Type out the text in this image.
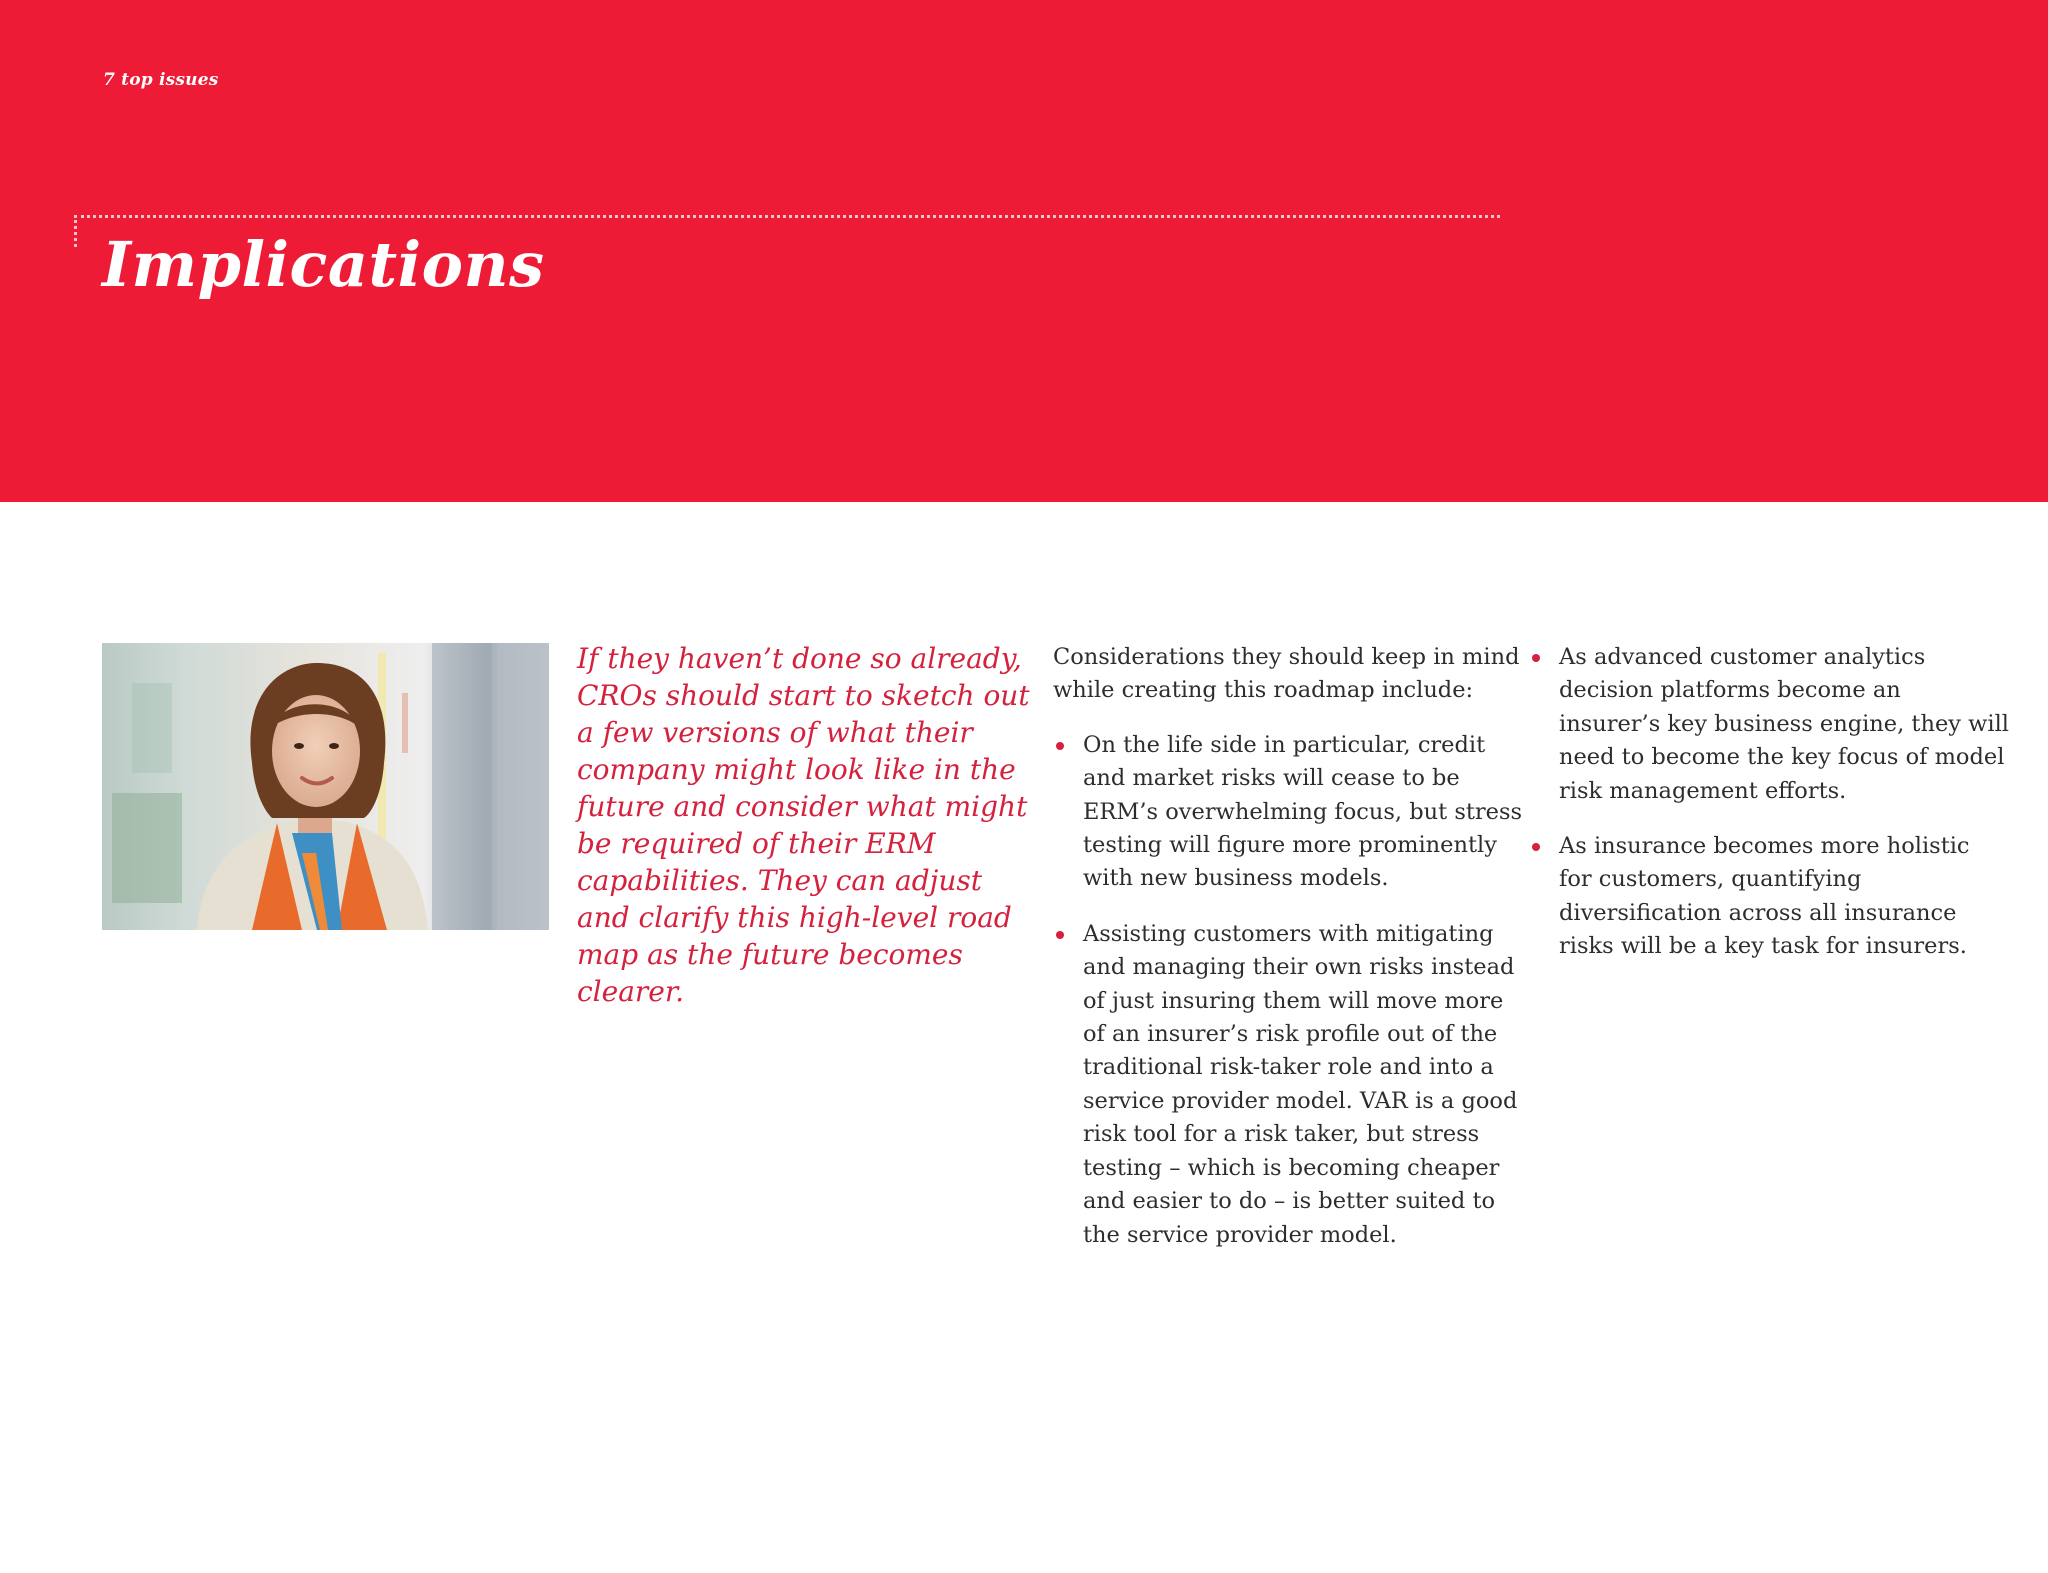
7 top issues
Implications

If they haven’t done so already, CROs should start to sketch out a few versions of what their company might look like in the future and consider what might be required of their ERM capabilities. They can adjust and clarify this high-level road map as the future becomes clearer.

Considerations they should keep in mind while creating this roadmap include:

On the life side in particular, credit and market risks will cease to be ERM’s overwhelming focus, but stress testing will figure more prominently with new business models.
Assisting customers with mitigating and managing their own risks instead of just insuring them will move more of an insurer’s risk profile out of the traditional risk-taker role and into a service provider model. VAR is a good risk tool for a risk taker, but stress testing – which is becoming cheaper and easier to do – is better suited to the service provider model.
As advanced customer analytics decision platforms become an insurer’s key business engine, they will need to become the key focus of model risk management efforts.
As insurance becomes more holistic for customers, quantifying diversification across all insurance risks will be a key task for insurers.
